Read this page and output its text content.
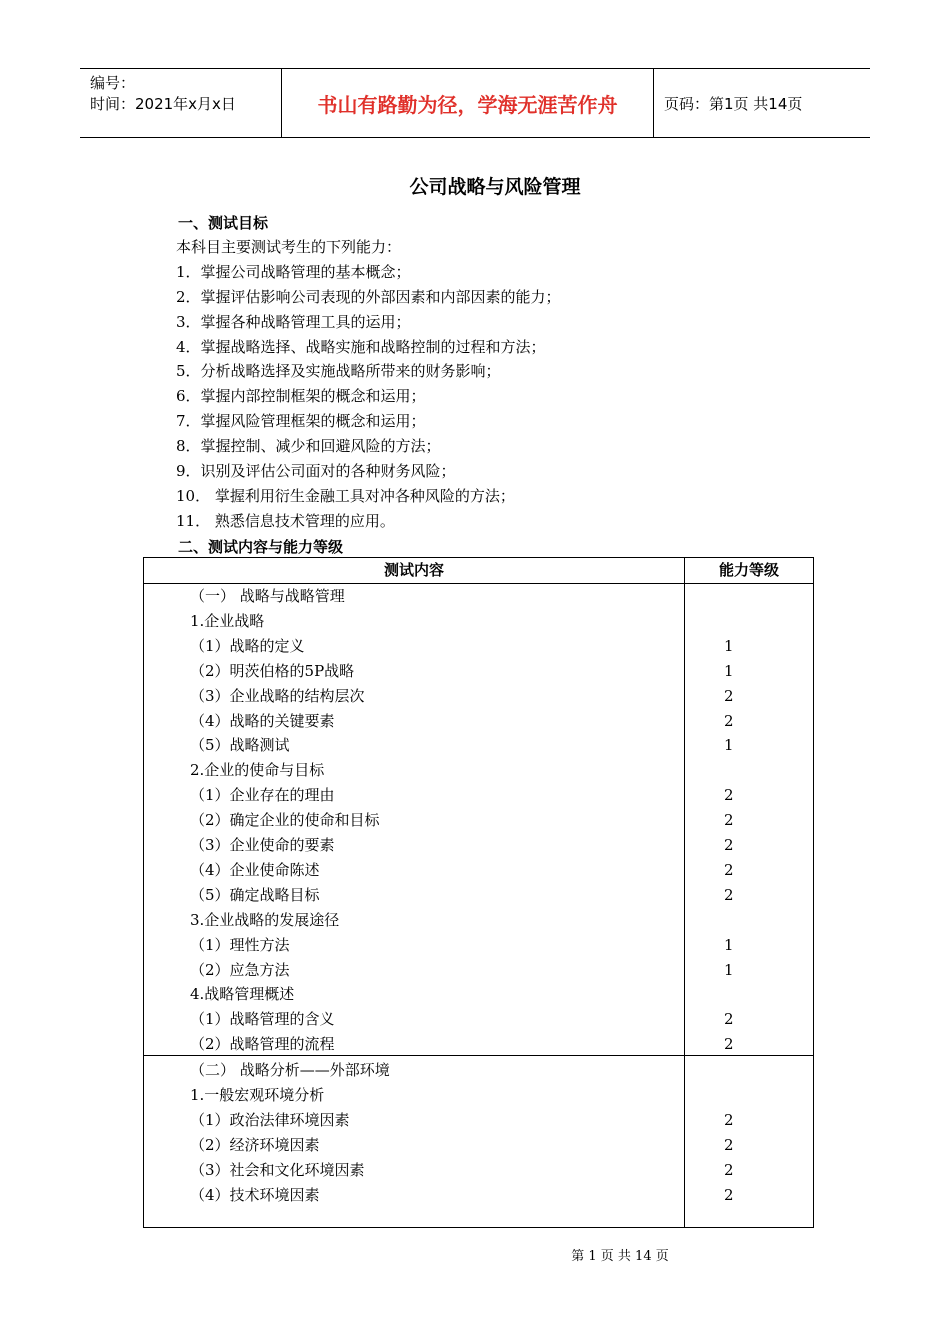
编号：
时间：2021年x月x日	书山有路勤为径，学海无涯苦作舟	页码：第1页 共14页
公司战略与风险管理
一、测试目标
本科目主要测试考生的下列能力：
1．掌握公司战略管理的基本概念；
2．掌握评估影响公司表现的外部因素和内部因素的能力；
3．掌握各种战略管理工具的运用；
4．掌握战略选择、战略实施和战略控制的过程和方法；
5．分析战略选择及实施战略所带来的财务影响；
6．掌握内部控制框架的概念和运用；
7．掌握风险管理框架的概念和运用；
8．掌握控制、减少和回避风险的方法；
9．识别及评估公司面对的各种财务风险；
10． 掌握利用衍生金融工具对冲各种风险的方法；
11． 熟悉信息技术管理的应用。
二、测试内容与能力等级
测试内容	能力等级
（一） 战略与战略管理
1.企业战略
（1）战略的定义	1
（2）明茨伯格的5P战略	1
（3）企业战略的结构层次	2
（4）战略的关键要素	2
（5）战略测试	1
2.企业的使命与目标
（1）企业存在的理由	2
（2）确定企业的使命和目标	2
（3）企业使命的要素	2
（4）企业使命陈述	2
（5）确定战略目标	2
3.企业战略的发展途径
（1）理性方法	1
（2）应急方法	1
4.战略管理概述
（1）战略管理的含义	2
（2）战略管理的流程	2
（二） 战略分析——外部环境
1.一般宏观环境分析
（1）政治法律环境因素	2
（2）经济环境因素	2
（3）社会和文化环境因素	2
（4）技术环境因素	2
第 1 页 共 14 页
